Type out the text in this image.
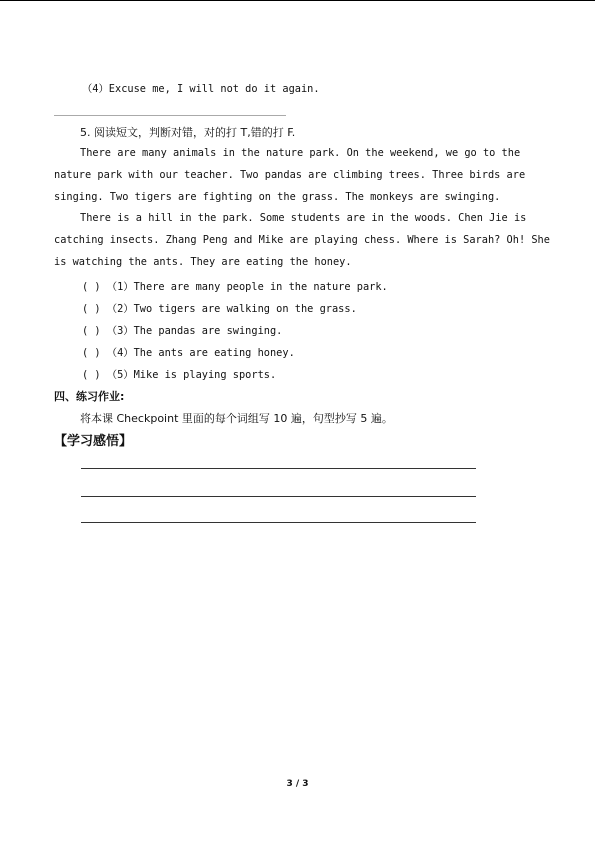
（4）Excuse me, I will not do it again.
5. 阅读短文，判断对错，对的打 T,错的打 F.
There are many animals in the nature park. On the weekend, we go to the
nature park with our teacher. Two pandas are climbing trees. Three birds are
singing. Two tigers are fighting on the grass. The monkeys are swinging.
There is a hill in the park. Some students are in the woods. Chen Jie is
catching insects. Zhang Peng and Mike are playing chess. Where is Sarah? Oh! She
is watching the ants. They are eating the honey.
( ) （1）There are many people in the nature park.
( ) （2）Two tigers are walking on the grass.
( ) （3）The pandas are swinging.
( ) （4）The ants are eating honey.
( ) （5）Mike is playing sports.
四、练习作业:
将本课 Checkpoint 里面的每个词组写 10 遍，句型抄写 5 遍。
【学习感悟】
3 / 3
